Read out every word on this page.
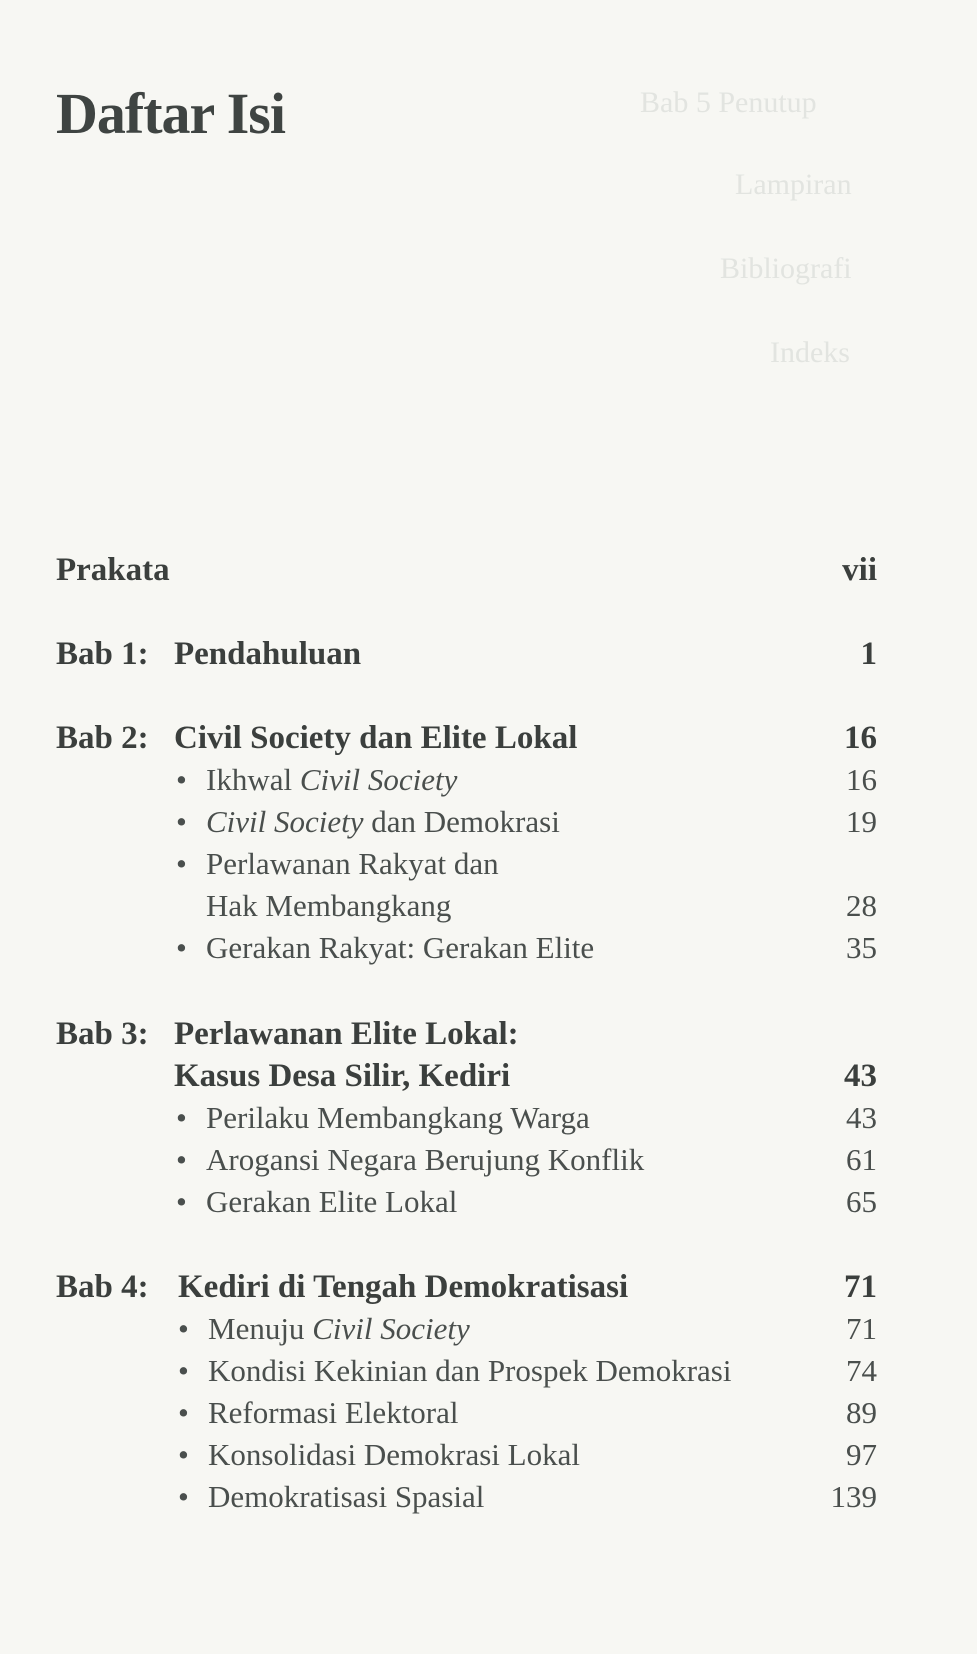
Bab 5 Penutup
Lampiran
Bibliografi
Indeks
Daftar Isi
Prakata	vii
Bab 1: Pendahuluan	1
Bab 2: Civil Society dan Elite Lokal	16
• Ikhwal Civil Society	16
• Civil Society dan Demokrasi	19
• Perlawanan Rakyat dan
Hak Membangkang	28
• Gerakan Rakyat: Gerakan Elite	35
Bab 3: Perlawanan Elite Lokal:
Kasus Desa Silir, Kediri	43
• Perilaku Membangkang Warga	43
• Arogansi Negara Berujung Konflik	61
• Gerakan Elite Lokal	65
Bab 4: Kediri di Tengah Demokratisasi	71
• Menuju Civil Society	71
• Kondisi Kekinian dan Prospek Demokrasi	74
• Reformasi Elektoral	89
• Konsolidasi Demokrasi Lokal	97
• Demokratisasi Spasial	139
